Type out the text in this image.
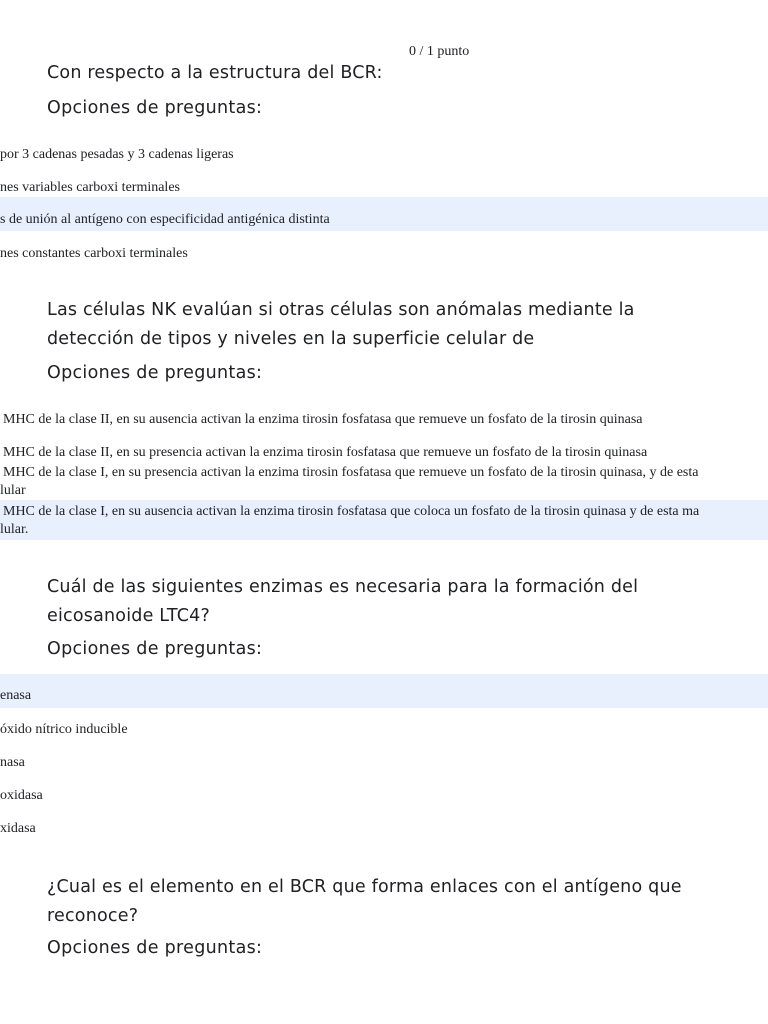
0 / 1 punto
Con respecto a la estructura del BCR:
Opciones de preguntas:
por 3 cadenas pesadas y 3 cadenas ligeras
nes variables carboxi terminales
s de unión al antígeno con especificidad antigénica distinta
nes constantes carboxi terminales
Las células NK evalúan si otras células son anómalas mediante la
detección de tipos y niveles en la superficie celular de
Opciones de preguntas:
MHC de la clase II, en su ausencia activan la enzima tirosin fosfatasa que remueve un fosfato de la tirosin quinasa
MHC de la clase II, en su presencia activan la enzima tirosin fosfatasa que remueve un fosfato de la tirosin quinasa
MHC de la clase I, en su presencia activan la enzima tirosin fosfatasa que remueve un fosfato de la tirosin quinasa, y de esta
lular
MHC de la clase I, en su ausencia activan la enzima tirosin fosfatasa que coloca un fosfato de la tirosin quinasa y de esta ma
lular.
Cuál de las siguientes enzimas es necesaria para la formación del
eicosanoide LTC4?
Opciones de preguntas:
enasa
óxido nítrico inducible
nasa
oxidasa
xidasa
¿Cual es el elemento en el BCR que forma enlaces con el antígeno que
reconoce?
Opciones de preguntas:
